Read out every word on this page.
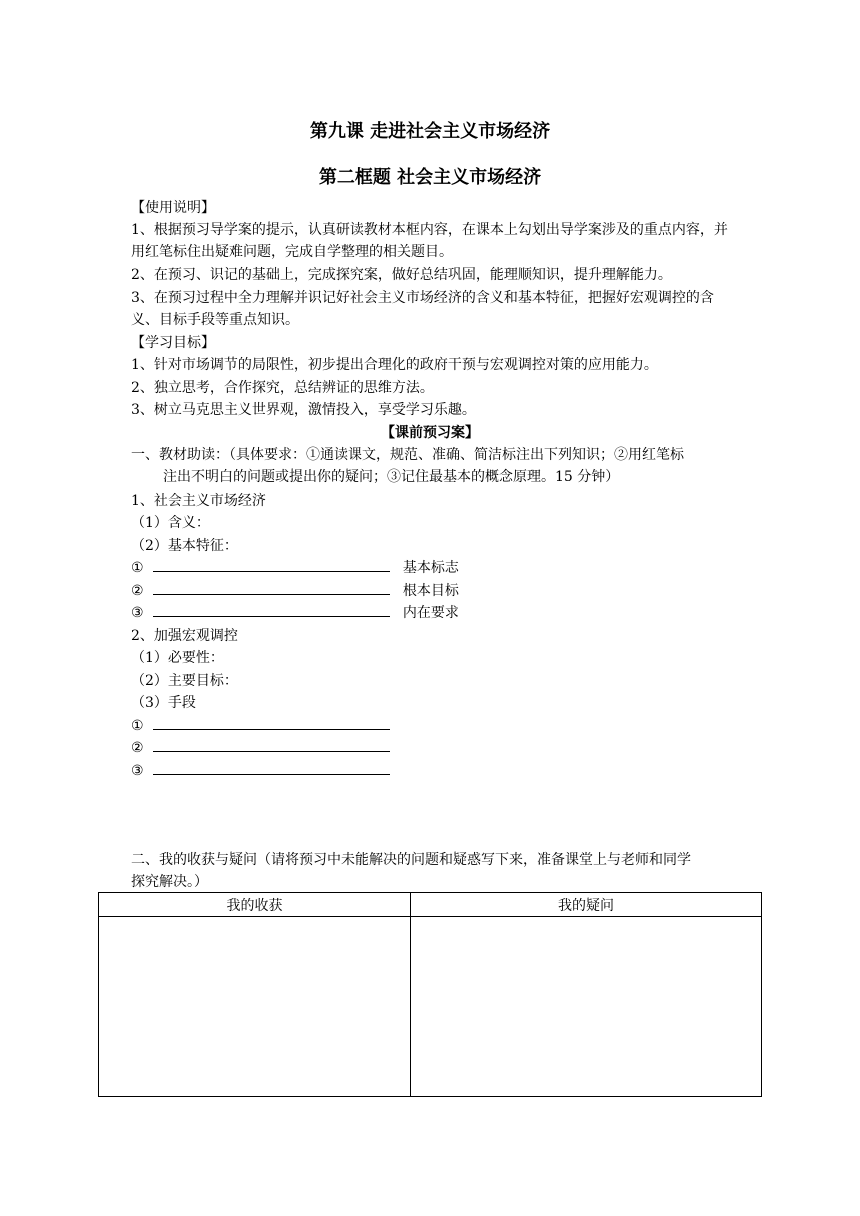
第九课 走进社会主义市场经济
第二框题 社会主义市场经济
【使用说明】
1、根据预习导学案的提示，认真研读教材本框内容，在课本上勾划出导学案涉及的重点内容，并用红笔标住出疑难问题，完成自学整理的相关题目。
2、在预习、识记的基础上，完成探究案，做好总结巩固，能理顺知识，提升理解能力。
3、在预习过程中全力理解并识记好社会主义市场经济的含义和基本特征，把握好宏观调控的含义、目标手段等重点知识。
【学习目标】
1、针对市场调节的局限性，初步提出合理化的政府干预与宏观调控对策的应用能力。
2、独立思考，合作探究，总结辨证的思维方法。
3、树立马克思主义世界观，激情投入，享受学习乐趣。
【课前预习案】
一、教材助读：（具体要求：①通读课文，规范、准确、简洁标注出下列知识；②用红笔标
注出不明白的问题或提出你的疑问；③记住最基本的概念原理。15 分钟）
1、社会主义市场经济
（1）含义：
（2）基本特征：
①	基本标志
②	根本目标
③	内在要求
2、加强宏观调控
（1）必要性：
（2）主要目标：
（3）手段
①
②
③
二、我的收获与疑问（请将预习中未能解决的问题和疑惑写下来，准备课堂上与老师和同学
探究解决。）
我的收获	我的疑问
